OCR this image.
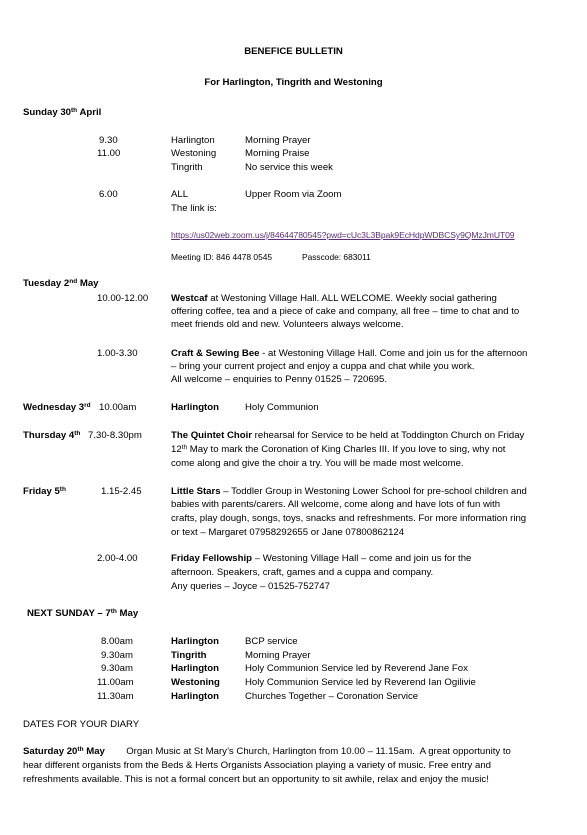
BENEFICE BULLETIN
For Harlington, Tingrith and Westoning
Sunday 30th April
9.30	Harlington	Morning Prayer
11.00	Westoning	Morning Praise
Tingrith	No service this week
6.00	ALL	Upper Room via Zoom
The link is:
https://us02web.zoom.us/j/84644780545?pwd=cUc3L3Bpak9EcHdpWDBCSy9QMzJmUT09
Meeting ID: 846 4478 0545	Passcode: 683011
Tuesday 2nd May
10.00-12.00 Westcaf at Westoning Village Hall. ALL WELCOME. Weekly social gathering
offering coffee, tea and a piece of cake and company, all free – time to chat and to
meet friends old and new. Volunteers always welcome.
1.00-3.30	Craft & Sewing Bee - at Westoning Village Hall. Come and join us for the afternoon
– bring your current project and enjoy a cuppa and chat while you work.
All welcome – enquiries to Penny 01525 – 720695.
Wednesday 3rd 10.00am	Harlington	Holy Communion
Thursday 4th 7.30-8.30pm	The Quintet Choir rehearsal for Service to be held at Toddington Church on Friday
12th May to mark the Coronation of King Charles III. If you love to sing, why not
come along and give the choir a try. You will be made most welcome.
Friday 5th	1.15-2.45	Little Stars – Toddler Group in Westoning Lower School for pre-school children and
babies with parents/carers. All welcome, come along and have lots of fun with
crafts, play dough, songs, toys, snacks and refreshments. For more information ring
or text – Margaret 07958292655 or Jane 07800862124
2.00-4.00	Friday Fellowship – Westoning Village Hall – come and join us for the
afternoon. Speakers, craft, games and a cuppa and company.
Any queries – Joyce – 01525-752747
NEXT SUNDAY – 7th May
8.00am	Harlington	BCP service
9.30am	Tingrith	Morning Prayer
9.30am	Harlington	Holy Communion Service led by Reverend Jane Fox
11.00am	Westoning	Holy Communion Service led by Reverend Ian Ogilivie
11.30am	Harlington	Churches Together – Coronation Service
DATES FOR YOUR DIARY
Saturday 20th May        Organ Music at St Mary’s Church, Harlington from 10.00 – 11.15am.  A great opportunity to
hear different organists from the Beds & Herts Organists Association playing a variety of music. Free entry and
refreshments available. This is not a formal concert but an opportunity to sit awhile, relax and enjoy the music!
